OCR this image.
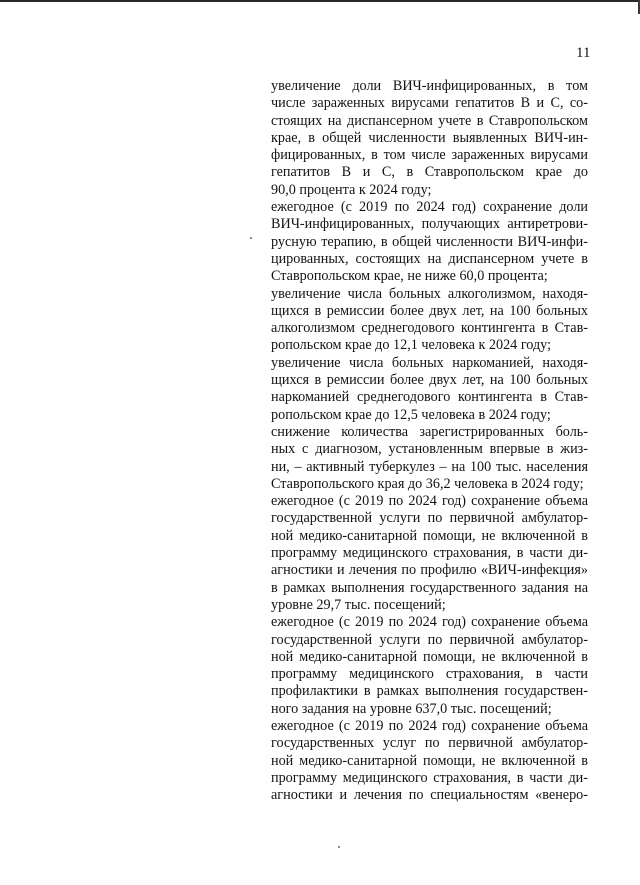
11
увеличение доли ВИЧ-инфицированных, в том
числе зараженных вирусами гепатитов В и С, со-
стоящих на диспансерном учете в Ставропольском
крае, в общей численности выявленных ВИЧ-ин-
фицированных, в том числе зараженных вирусами
гепатитов В и С, в Ставропольском крае до
90,0 процента к 2024 году;
ежегодное (с 2019 по 2024 год) сохранение доли
ВИЧ-инфицированных, получающих антиретрови-
русную терапию, в общей численности ВИЧ-инфи-
цированных, состоящих на диспансерном учете в
Ставропольском крае, не ниже 60,0 процента;
увеличение числа больных алкоголизмом, находя-
щихся в ремиссии более двух лет, на 100 больных
алкоголизмом среднегодового контингента в Став-
ропольском крае до 12,1 человека к 2024 году;
увеличение числа больных наркоманией, находя-
щихся в ремиссии более двух лет, на 100 больных
наркоманией среднегодового контингента в Став-
ропольском крае до 12,5 человека в 2024 году;
снижение количества зарегистрированных боль-
ных с диагнозом, установленным впервые в жиз-
ни, – активный туберкулез – на 100 тыс. населения
Ставропольского края до 36,2 человека в 2024 году;
ежегодное (с 2019 по 2024 год) сохранение объема
государственной услуги по первичной амбулатор-
ной медико-санитарной помощи, не включенной в
программу медицинского страхования, в части ди-
агностики и лечения по профилю «ВИЧ-инфекция»
в рамках выполнения государственного задания на
уровне 29,7 тыс. посещений;
ежегодное (с 2019 по 2024 год) сохранение объема
государственной услуги по первичной амбулатор-
ной медико-санитарной помощи, не включенной в
программу медицинского страхования, в части
профилактики в рамках выполнения государствен-
ного задания на уровне 637,0 тыс. посещений;
ежегодное (с 2019 по 2024 год) сохранение объема
государственных услуг по первичной амбулатор-
ной медико-санитарной помощи, не включенной в
программу медицинского страхования, в части ди-
агностики и лечения по специальностям «венеро-
